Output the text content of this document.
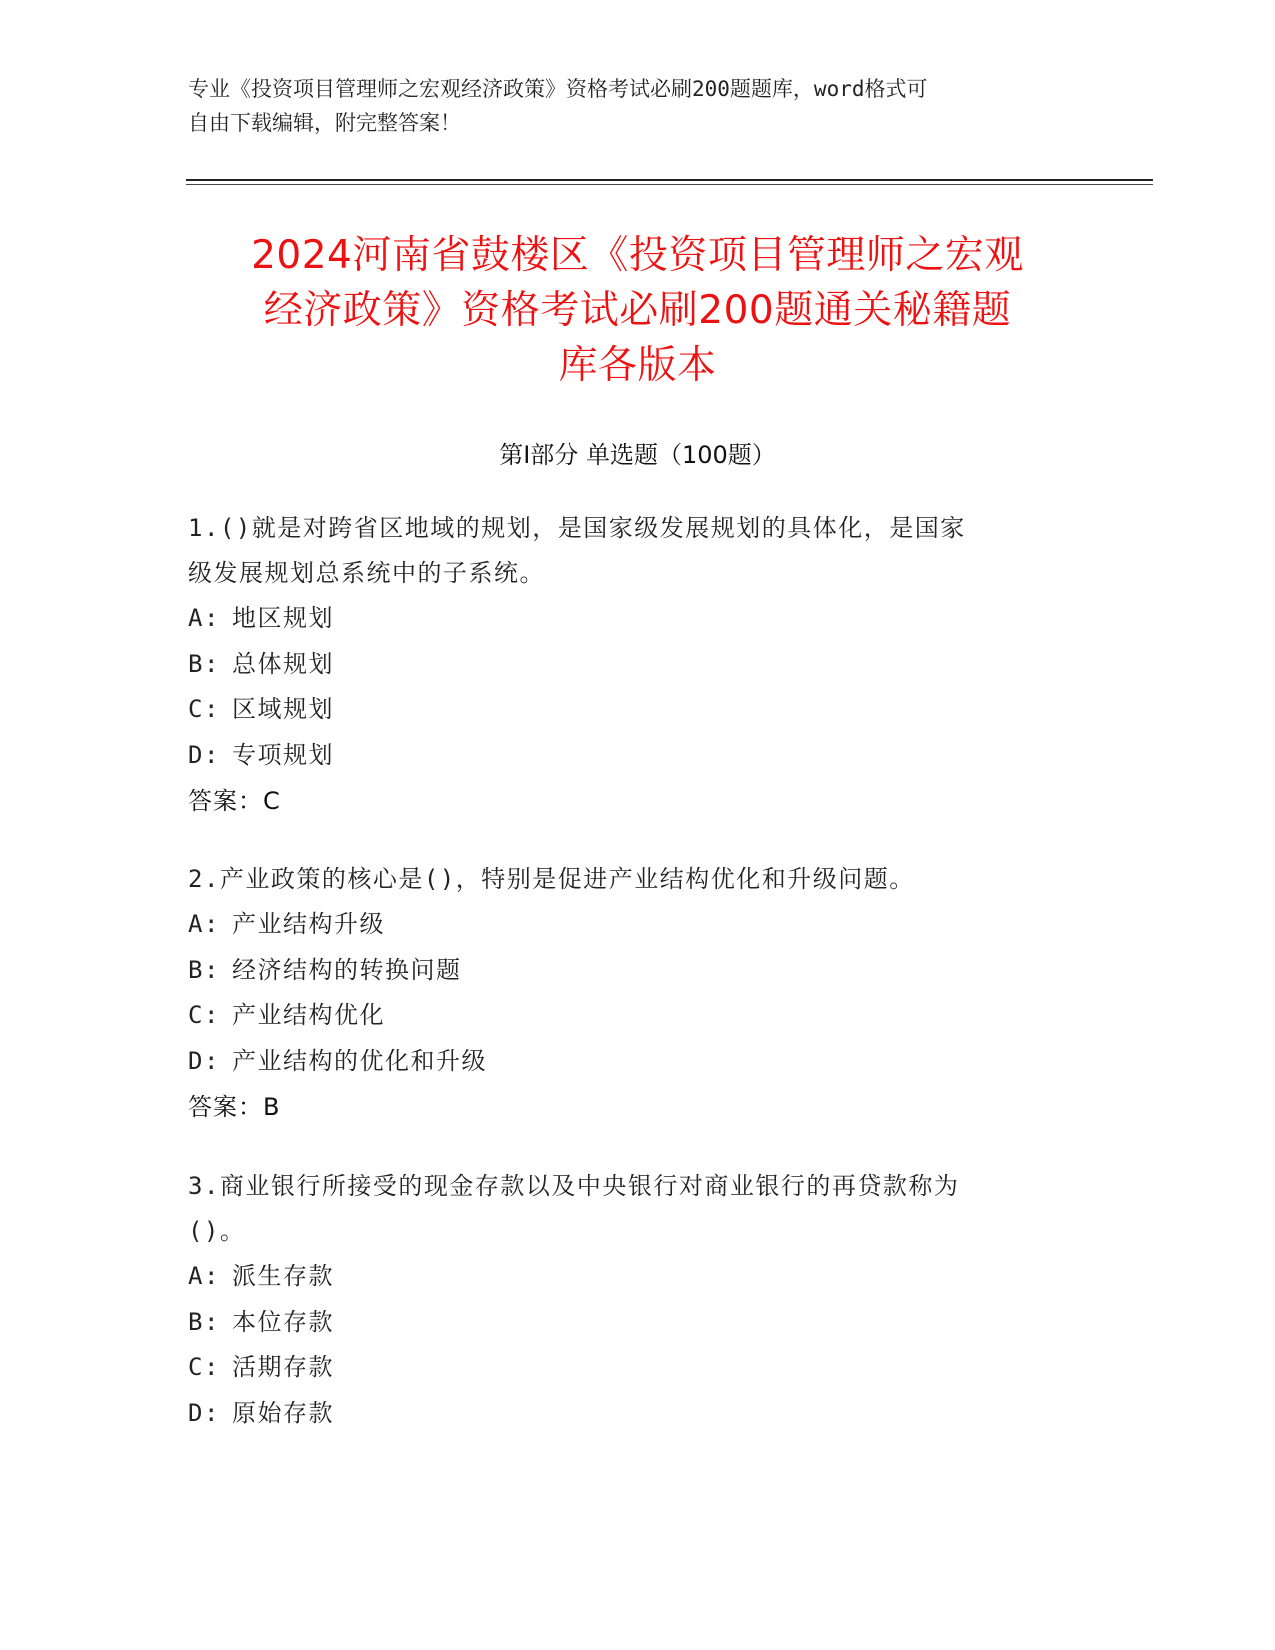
专业《投资项目管理师之宏观经济政策》资格考试必刷200题题库，word格式可
自由下载编辑，附完整答案！
2024河南省鼓楼区《投资项目管理师之宏观
经济政策》资格考试必刷200题通关秘籍题
库各版本
第Ⅰ部分 单选题（100题）
1.()就是对跨省区地域的规划，是国家级发展规划的具体化，是国家
级发展规划总系统中的子系统。
A: 地区规划
B: 总体规划
C: 区域规划
D: 专项规划
答案：C
2.产业政策的核心是()，特别是促进产业结构优化和升级问题。
A: 产业结构升级
B: 经济结构的转换问题
C: 产业结构优化
D: 产业结构的优化和升级
答案：B
3.商业银行所接受的现金存款以及中央银行对商业银行的再贷款称为
()。
A: 派生存款
B: 本位存款
C: 活期存款
D: 原始存款
